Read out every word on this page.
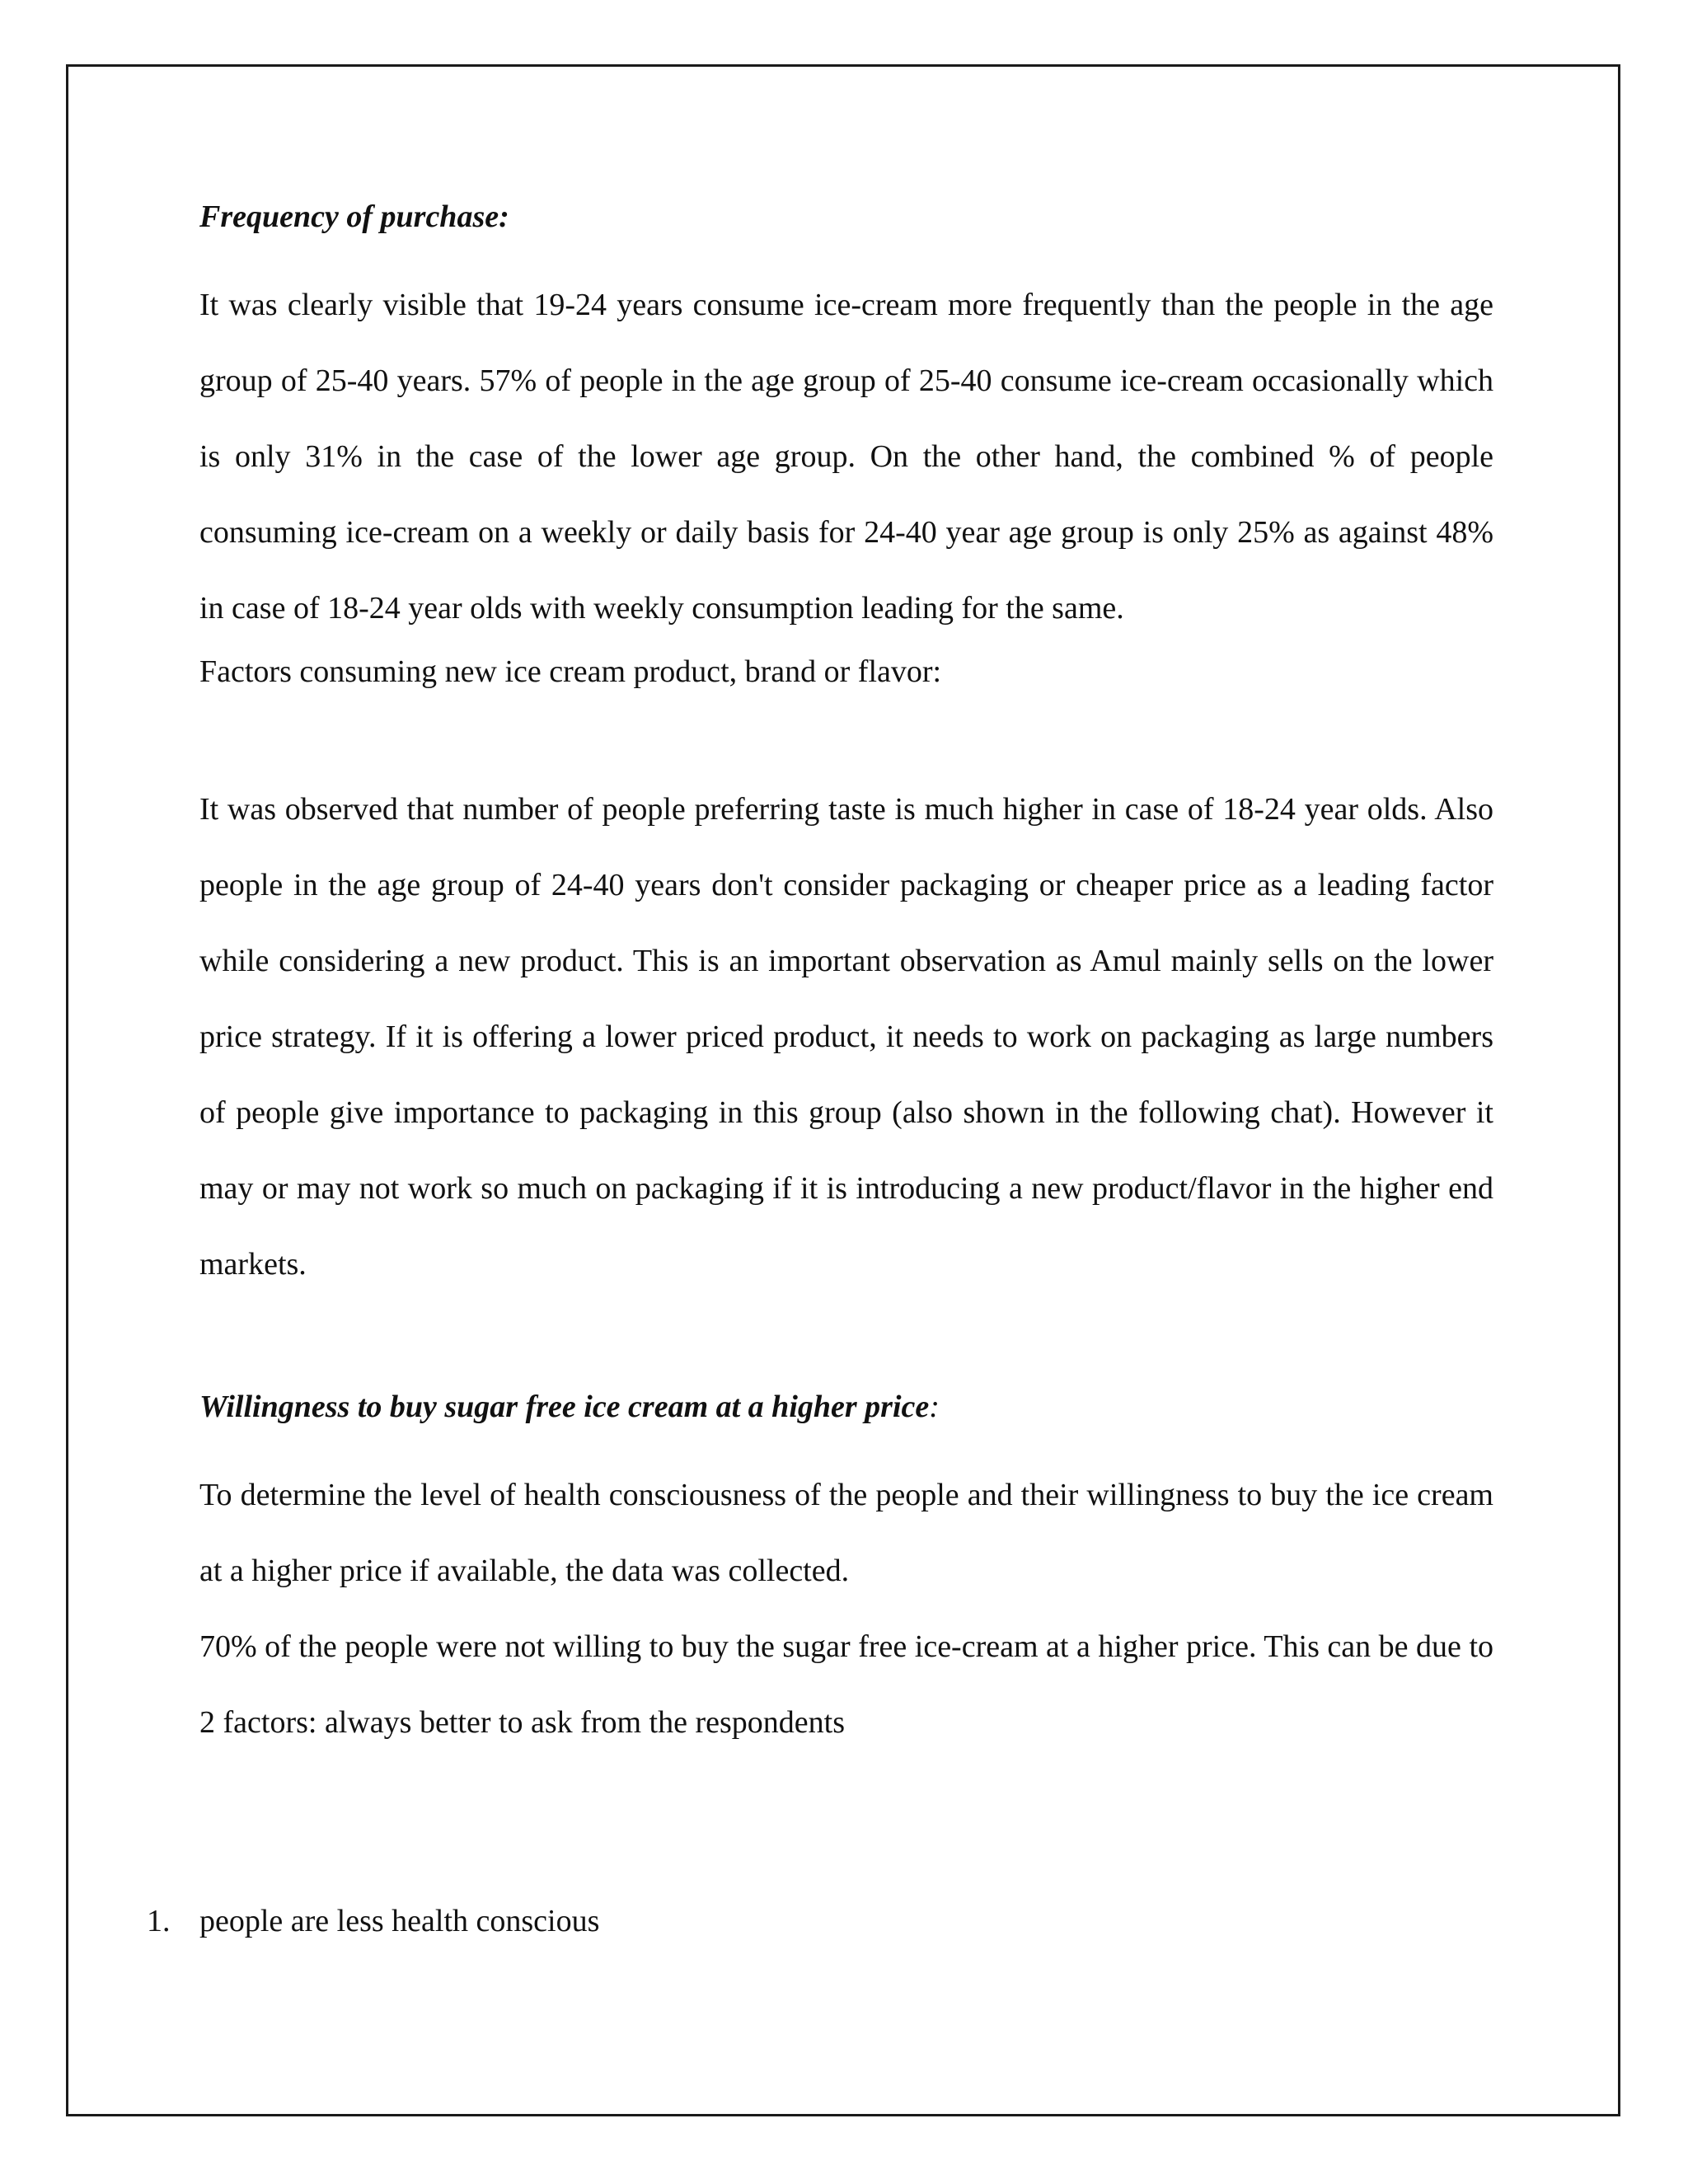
Frequency of purchase:

It was clearly visible that 19-24 years consume ice-cream more frequently than the people in the age group of 25-40 years. 57% of people in the age group of 25-40 consume ice-cream occasionally which is only 31% in the case of the lower age group. On the other hand, the combined % of people consuming ice-cream on a weekly or daily basis for 24-40 year age group is only 25% as against 48% in case of 18-24 year olds with weekly consumption leading for the same.

Factors consuming new ice cream product, brand or flavor:

It was observed that number of people preferring taste is much higher in case of 18-24 year olds. Also people in the age group of 24-40 years don't consider packaging or cheaper price as a leading factor while considering a new product. This is an important observation as Amul mainly sells on the lower price strategy. If it is offering a lower priced product, it needs to work on packaging as large numbers of people give importance to packaging in this group (also shown in the following chat). However it may or may not work so much on packaging if it is introducing a new product/flavor in the higher end markets.

Willingness to buy sugar free ice cream at a higher price:

To determine the level of health consciousness of the people and their willingness to buy the ice cream at a higher price if available, the data was collected.

70% of the people were not willing to buy the sugar free ice-cream at a higher price. This can be due to 2 factors: always better to ask from the respondents

1. people are less health conscious
